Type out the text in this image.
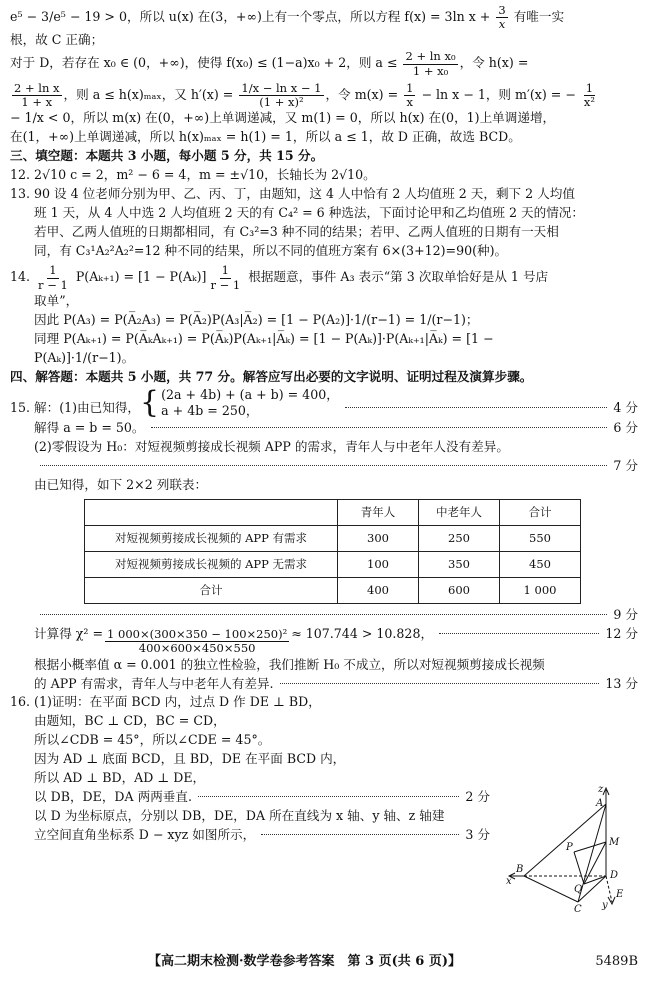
e⁵ − 3/e⁵ − 19 > 0，所以 u(x) 在(3，+∞)上有一个零点，所以方程 f(x) = 3ln $x + \frac{3}{x}$ 有唯一实
根，故 C 正确；
对于 D，若存在 x₀ ∈ (0，+∞)，使得 f(x₀) ≤ (1−a)x₀ + 2，则 $a \le \frac{\text{2 + ln x₀}}{\text{1 + x₀}}$ ，令 h(x) =
$\frac{\text{2 + ln x}}{1 + x}$ ，则 a ≤ h(x)ₘₐₓ，又 $h'(x) = \frac{\text{1/x − ln x − 1}}{\text{(1 + x)²}}$ ，令 $m(x) = \frac{1}{x} - \ln x - 1$，则 m′(x) = − $\frac{1}{\text{x²}}$
− 1/x < 0，所以 m(x) 在(0，+∞)上单调递减，又 m(1) = 0，所以 h(x) 在(0，1)上单调递增，
在(1，+∞)上单调递减，所以 h(x)ₘₐₓ = h(1) = 1，所以 a ≤ 1，故 D 正确，故选 BCD。
三、填空题：本题共 3 小题，每小题 5 分，共 15 分。
12. 2√10 c = 2，m² − 6 = 4，m = ±√10，长轴长为 2√10。
13. 90 设 4 位老师分别为甲、乙、丙、丁，由题知，这 4 人中恰有 2 人均值班 2 天，剩下 2 人均值
班 1 天，从 4 人中选 2 人均值班 2 天的有 C₄² = 6 种选法，下面讨论甲和乙均值班 2 天的情况：
若甲、乙两人值班的日期都相同，有 C₃²=3 种不同的结果；若甲、乙两人值班的日期有一天相
同，有 C₃¹A₂²A₂²=12 种不同的结果，所以不同的值班方案有 6×(3+12)=90(种)。
14. $\frac{1}{r - 1} P(A_{k+1}) = [1 - P(A_k)] \frac{1}{r - 1}$ 根据题意，事件 A₃ 表示“第 3 次取单恰好是从 1 号店
取单”，
因此 P(A₃) = P(A̅₂A₃) = P(A̅₂)P(A₃|A̅₂) = [1 − P(A₂)]·1/(r−1) = 1/(r−1)；
同理 P(Aₖ₊₁) = P(A̅ₖAₖ₊₁) = P(A̅ₖ)P(Aₖ₊₁|A̅ₖ) = [1 − P(Aₖ)]·P(Aₖ₊₁|A̅ₖ) = [1 −
P(Aₖ)]·1/(r−1)。
四、解答题：本题共 5 小题，共 77 分。解答应写出必要的文字说明、证明过程及演算步骤。
15. 解：(1)由已知得， { (2a + 4b) + (a + b) = 400，
a + 4b = 250，	4 分
解得 a = b = 50。	6 分
(2)零假设为 H₀：对短视频剪接成长视频 APP 的需求，青年人与中老年人没有差异。
7 分
由已知得，如下 2×2 列联表：
	青年人	中老年人	合计
对短视频剪接成长视频的 APP 有需求	300	250	550
对短视频剪接成长视频的 APP 无需求	100	350	450
合计	400	600	1 000
9 分
计算得 $\chi^2 = \frac{\text{1 000×(300×350 − 100×250)²}}{400\times 600\times 450\times 550} \approx 107.744 > 10.828$，	12 分
根据小概率值 α = 0.001 的独立性检验，我们推断 H₀ 不成立，所以对短视频剪接成长视频
的 APP 有需求，青年人与中老年人有差异.	13 分
16. (1)证明：在平面 BCD 内，过点 D 作 DE ⊥ BD，
由题知，BC ⊥ CD，BC = CD，
所以∠CDB = 45°，所以∠CDE = 45°。
因为 AD ⊥ 底面 BCD，且 BD，DE 在平面 BCD 内，
所以 AD ⊥ BD，AD ⊥ DE，
以 DB，DE，DA 两两垂直.	2 分
以 D 为坐标原点，分别以 DB，DE，DA 所在直线为 x 轴、y 轴、z 轴建
立空间直角坐标系 D − xyz 如图所示，	3 分
z
A
M
P
B
D
Q
x
E
y
C
【高二期末检测·数学卷参考答案　第 3 页(共 6 页)】	5489B
